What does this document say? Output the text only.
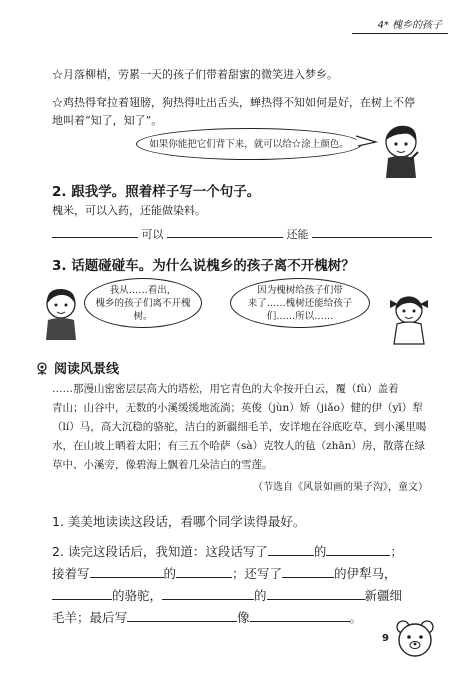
4* 槐乡的孩子
☆月落柳梢，劳累一天的孩子们带着甜蜜的微笑进入梦乡。
☆鸡热得耷拉着翅膀，狗热得吐出舌头，蝉热得不知如何是好，在树上不停
地叫着“知了，知了”。
如果你能把它们背下来，就可以给☆涂上颜色。
2. 跟我学。照着样子写一个句子。
槐米，可以入药，还能做染料。
可以	还能
3. 话题碰碰车。为什么说槐乡的孩子离不开槐树？
我从……看出，
槐乡的孩子们离不开槐
树。
因为槐树给孩子们带
来了……槐树还能给孩子
们……所以……
阅读风景线
……那漫山密密层层高大的塔松，用它青色的大伞按开白云，覆（fù）盖着
青山；山谷中，无数的小溪缓缓地流淌；英俊（jùn）矫（jiǎo）健的伊（yī）犁
（lí）马，高大沉稳的骆驼，洁白的新疆细毛羊，安详地在谷底吃草，到小溪里喝
水，在山坡上晒着太阳；有三五个哈萨（sà）克牧人的毡（zhān）房，散落在绿
草中、小溪旁，像碧海上飘着几朵洁白的雪莲。
（节选自《风景如画的果子沟》，童文）
1. 美美地读读这段话，看哪个同学读得最好。
2. 读完这段话后，我知道：这段话写了	的	；
接着写	的	；还写了	的伊犁马，
的骆驼，	的	新疆细
毛羊；最后写	像	。
9
